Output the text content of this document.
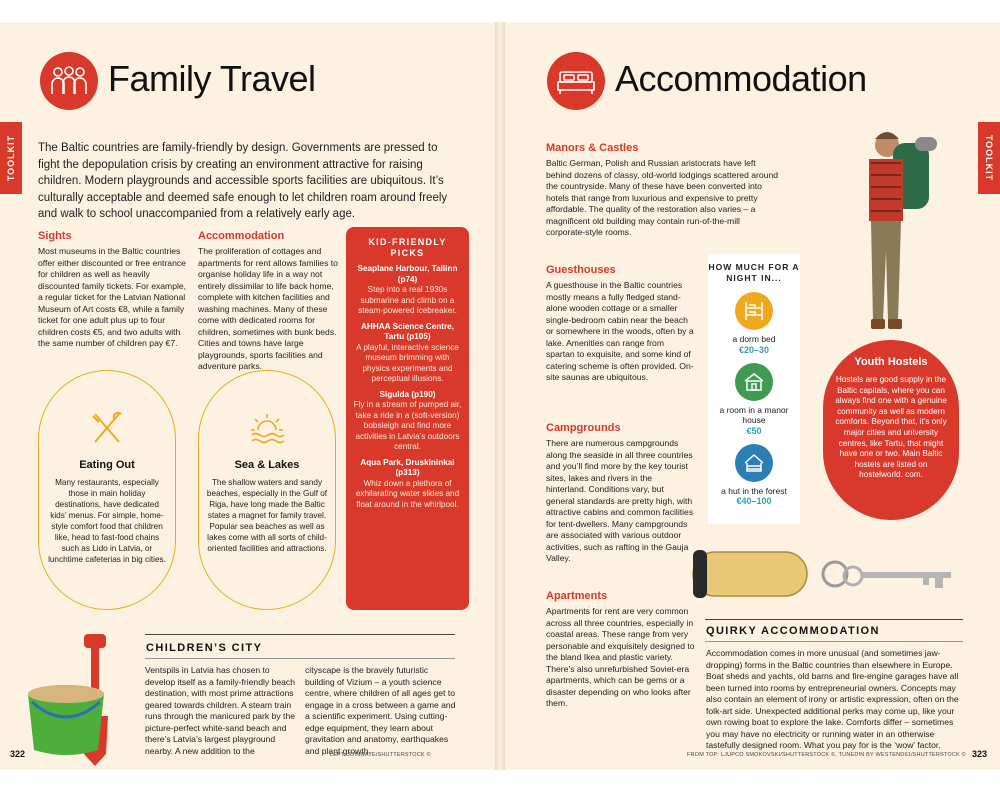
TOOLKIT
Family Travel
The Baltic countries are family-friendly by design. Governments are pressed to fight the depopulation crisis by creating an environment attractive for raising children. Modern playgrounds and accessible sports facilities are ubiquitous. It’s culturally acceptable and deemed safe enough to let children roam around freely and walk to school unaccompanied from a relatively early age.
Sights
Most museums in the Baltic countries offer either discounted or free entrance for children as well as heavily discounted family tickets. For example, a regular ticket for the Latvian National Museum of Art costs €8, while a family ticket for one adult plus up to four children costs €5, and two adults with the same number of children pay €7.
Accommodation
The proliferation of cottages and apartments for rent allows families to organise holiday life in a way not entirely dissimilar to life back home, complete with kitchen facilities and washing machines. Many of these come with dedicated rooms for children, sometimes with bunk beds. Cities and towns have large playgrounds, sports facilities and adventure parks.
KID-FRIENDLY PICKS
Seaplane Harbour, Tallinn (p74)
Step into a real 1930s submarine and climb on a steam-powered icebreaker.
AHHAA Science Centre, Tartu (p105)
A playful, interactive science museum brimming with physics experiments and perceptual illusions.
Sigulda (p190)
Fly in a stream of pumped air, take a ride in a (soft-version) bobsleigh and find more activities in Latvia’s outdoors central.
Aqua Park, Druskininkai (p313)
Whiz down a plethora of exhilarating water slides and float around in the whirlpool.
Eating Out
Many restaurants, especially those in main holiday destinations, have dedicated kids’ menus. For simple, home-style comfort food that children like, head to fast-food chains such as Lido in Latvia, or lunchtime cafeterias in big cities.
Sea & Lakes
The shallow waters and sandy beaches, especially in the Gulf of Riga, have long made the Baltic states a magnet for family travel. Popular sea beaches as well as lakes come with all sorts of child-oriented facilities and attractions.
CHILDREN’S CITY
Ventspils in Latvia has chosen to develop itself as a family-friendly beach destination, with most prime attractions geared towards children. A steam train runs through the manicured park by the picture-perfect white-sand beach and there’s Latvia’s largest playground nearby. A new addition to the
cityscape is the bravely futuristic building of Vizium – a youth science centre, where children of all ages get to engage in a cross between a game and a scientific experiment. Using cutting-edge equipment, they learn about gravitation and anatomy, earthquakes and plant growth.
322	LEFT: JOINGATE/SHUTTERSTOCK ©
TOOLKIT
Accommodation
Manors & Castles
Baltic German, Polish and Russian aristocrats have left behind dozens of classy, old-world lodgings scattered around the countryside. Many of these have been converted into hotels that range from luxurious and expensive to pretty affordable. The quality of the restoration also varies – a magnificent old building may contain run-of-the-mill corporate-style rooms.
Guesthouses
A guesthouse in the Baltic countries mostly means a fully fledged stand-alone wooden cottage or a smaller single-bedroom cabin near the beach or somewhere in the woods, often by a lake. Amenities can range from spartan to exquisite, and some kind of catering scheme is often provided. On-site saunas are ubiquitous.
Campgrounds
There are numerous campgrounds along the seaside in all three countries and you’ll find more by the key tourist sites, lakes and rivers in the hinterland. Conditions vary, but general standards are pretty high, with attractive cabins and common facilities for tent-dwellers. Many campgrounds are associated with various outdoor activities, such as rafting in the Gauja Valley.
Apartments
Apartments for rent are very common across all three countries, especially in coastal areas. These range from very personable and exquisitely designed to the bland Ikea and plastic variety. There’s also unrefurbished Soviet-era apartments, which can be gems or a disaster depending on who looks after them.
HOW MUCH FOR A NIGHT IN...
a dorm bed
€20–30
a room in a manor house
€50
a hut in the forest
€40–100
Youth Hostels
Hostels are good supply in the Baltic capitals, where you can always find one with a genuine community as well as modern comforts. Beyond that, it’s only major cities and university centres, like Tartu, that might have one or two. Main Baltic hostels are listed on hostelworld. com.
QUIRKY ACCOMMODATION
Accommodation comes in more unusual (and sometimes jaw-dropping) forms in the Baltic countries than elsewhere in Europe. Boat sheds and yachts, old barns and fire-engine garages have all been turned into rooms by entrepreneurial owners. Concepts may also contain an element of irony or artistic expression, often on the folk-art side. Unexpected additional perks may come up, like your own rowing boat to explore the lake. Comforts differ – sometimes you may have no electricity or running water in an otherwise tastefully designed room. What you pay for is the ‘wow’ factor.
FROM TOP: LJUPCO SMOKOVSKI/SHUTTERSTOCK ©, TUNEDIN BY WESTEND61/SHUTTERSTOCK © 323
